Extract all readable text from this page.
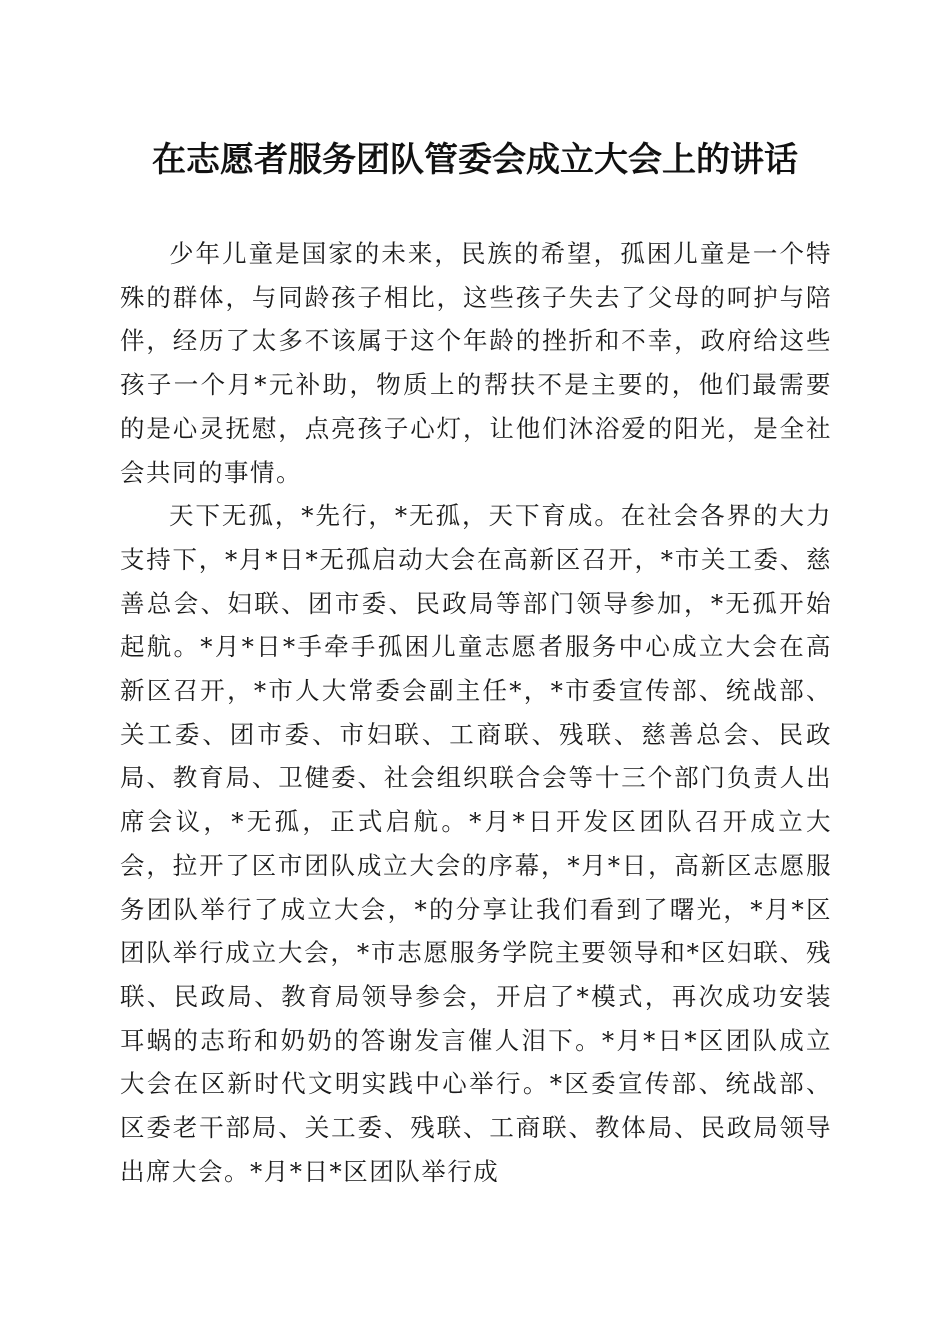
在志愿者服务团队管委会成立大会上的讲话

少年儿童是国家的未来，民族的希望，孤困儿童是一个特殊的群体，与同龄孩子相比，这些孩子失去了父母的呵护与陪伴，经历了太多不该属于这个年龄的挫折和不幸，政府给这些孩子一个月*元补助，物质上的帮扶不是主要的，他们最需要的是心灵抚慰，点亮孩子心灯，让他们沐浴爱的阳光，是全社会共同的事情。

天下无孤，*先行，*无孤，天下育成。在社会各界的大力支持下，*月*日*无孤启动大会在高新区召开，*市关工委、慈善总会、妇联、团市委、民政局等部门领导参加，*无孤开始起航。*月*日*手牵手孤困儿童志愿者服务中心成立大会在高新区召开，*市人大常委会副主任*，*市委宣传部、统战部、关工委、团市委、市妇联、工商联、残联、慈善总会、民政局、教育局、卫健委、社会组织联合会等十三个部门负责人出席会议，*无孤，正式启航。*月*日开发区团队召开成立大会，拉开了区市团队成立大会的序幕，*月*日，高新区志愿服务团队举行了成立大会，*的分享让我们看到了曙光，*月*区团队举行成立大会，*市志愿服务学院主要领导和*区妇联、残联、民政局、教育局领导参会，开启了*模式，再次成功安装耳蜗的志珩和奶奶的答谢发言催人泪下。*月*日*区团队成立大会在区新时代文明实践中心举行。*区委宣传部、统战部、区委老干部局、关工委、残联、工商联、教体局、民政局领导出席大会。*月*日*区团队举行成
